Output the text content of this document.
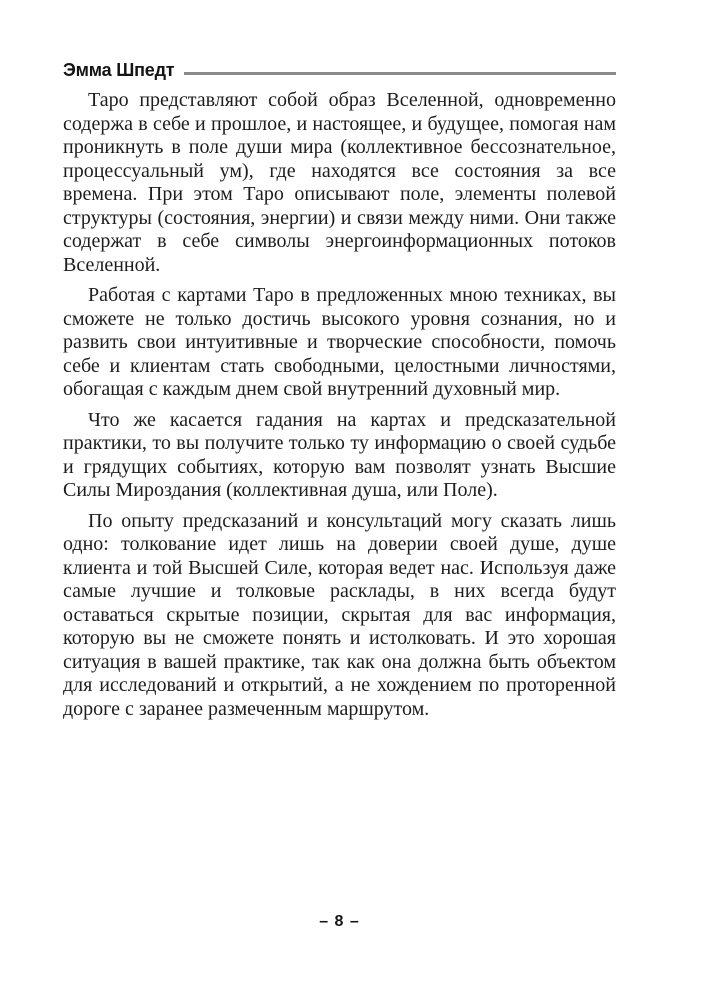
Эмма Шпедт

Таро представляют собой образ Вселенной, одновременно содержа в себе и прошлое, и настоящее, и будущее, помогая нам проникнуть в поле души мира (коллективное бессознательное, процессуальный ум), где находятся все состояния за все времена. При этом Таро описывают поле, элементы полевой структуры (состояния, энергии) и связи между ними. Они также содержат в себе символы энергоинформационных потоков Вселенной.

Работая с картами Таро в предложенных мною техниках, вы сможете не только достичь высокого уровня сознания, но и развить свои интуитивные и творческие способности, помочь себе и клиентам стать свободными, целостными личностями, обогащая с каждым днем свой внутренний духовный мир.

Что же касается гадания на картах и предсказательной практики, то вы получите только ту информацию о своей судьбе и грядущих событиях, которую вам позволят узнать Высшие Силы Мироздания (коллективная душа, или Поле).

По опыту предсказаний и консультаций могу сказать лишь одно: толкование идет лишь на доверии своей душе, душе клиента и той Высшей Силе, которая ведет нас. Используя даже самые лучшие и толковые расклады, в них всегда будут оставаться скрытые позиции, скрытая для вас информация, которую вы не сможете понять и истолковать. И это хорошая ситуация в вашей практике, так как она должна быть объектом для исследований и открытий, а не хождением по проторенной дороге с заранее размеченным маршрутом.

– 8 –
